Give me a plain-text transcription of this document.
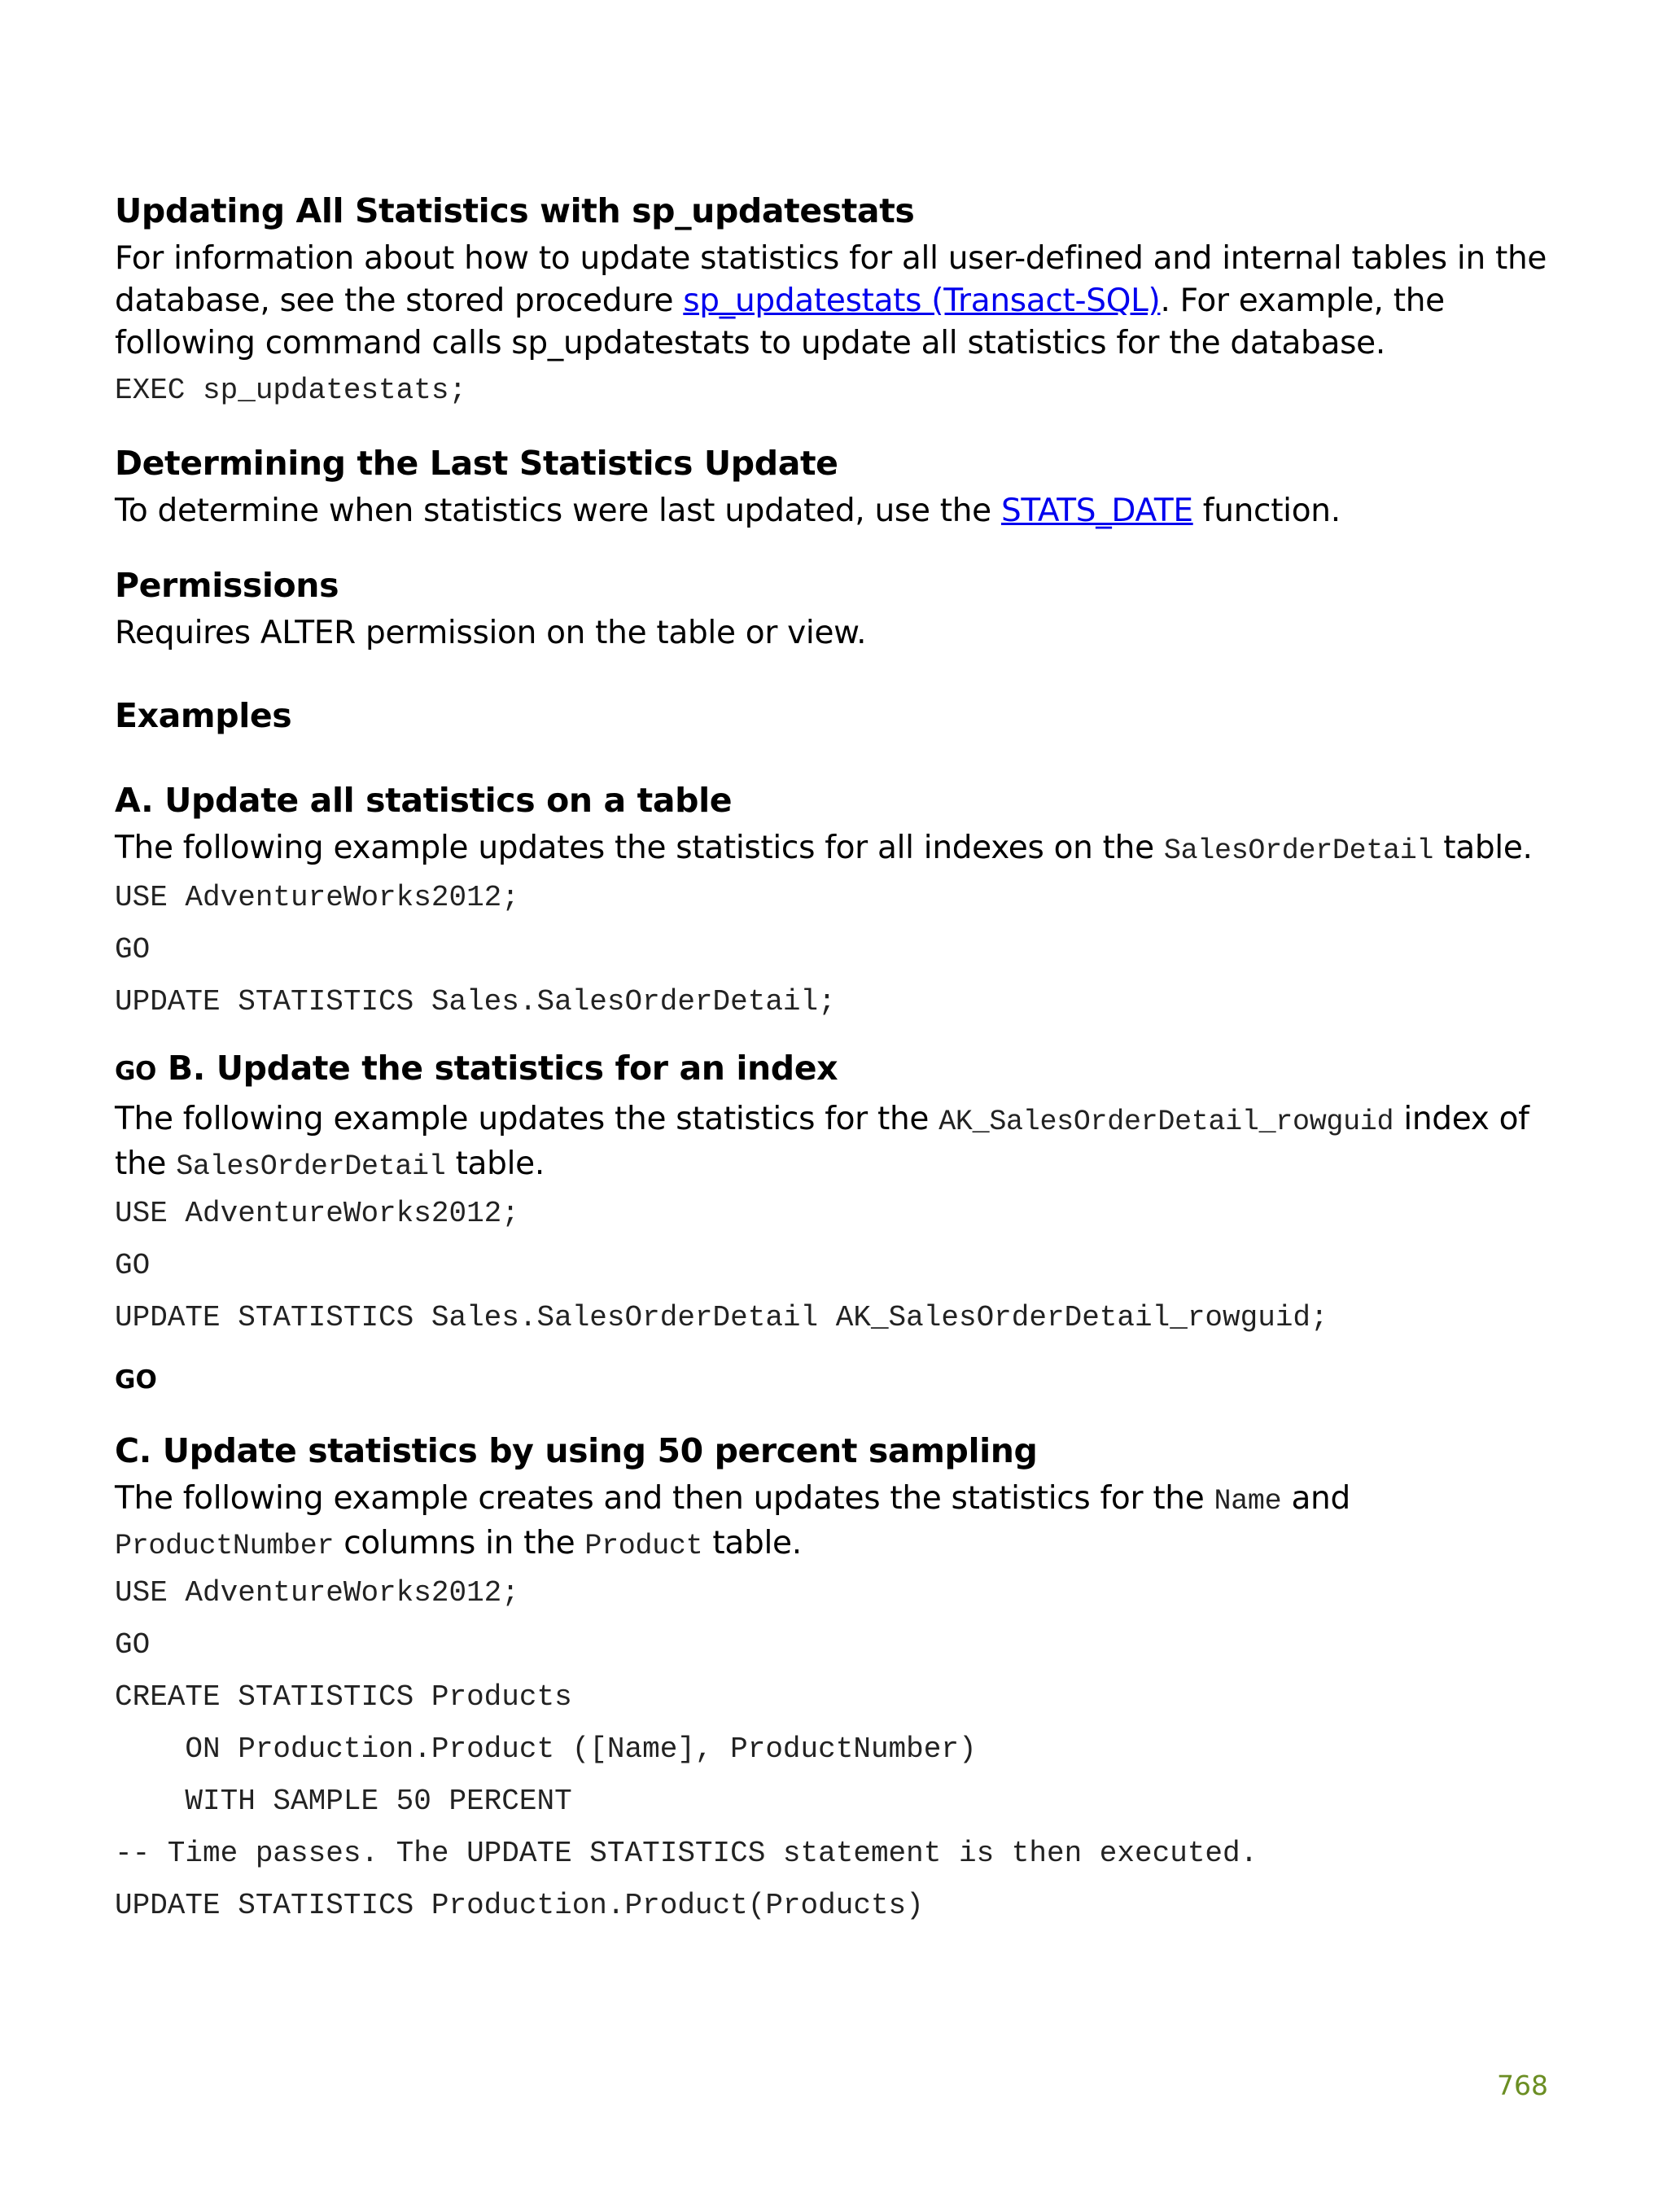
Updating All Statistics with sp_updatestats

For information about how to update statistics for all user-defined and internal tables in the database, see the stored procedure sp_updatestats (Transact-SQL). For example, the following command calls sp_updatestats to update all statistics for the database.

EXEC sp_updatestats;
Determining the Last Statistics Update

To determine when statistics were last updated, use the STATS_DATE function.

Permissions

Requires ALTER permission on the table or view.

Examples
A. Update all statistics on a table

The following example updates the statistics for all indexes on the SalesOrderDetail table.

USE AdventureWorks2012;
GO
UPDATE STATISTICS Sales.SalesOrderDetail;
GO B. Update the statistics for an index

The following example updates the statistics for the AK_SalesOrderDetail_rowguid index of the SalesOrderDetail table.

USE AdventureWorks2012;
GO
UPDATE STATISTICS Sales.SalesOrderDetail AK_SalesOrderDetail_rowguid;
GO
C. Update statistics by using 50 percent sampling

The following example creates and then updates the statistics for the Name and ProductNumber columns in the Product table.

USE AdventureWorks2012;
GO
CREATE STATISTICS Products
ON Production.Product ([Name], ProductNumber)
WITH SAMPLE 50 PERCENT
-- Time passes. The UPDATE STATISTICS statement is then executed.
UPDATE STATISTICS Production.Product(Products)
768
